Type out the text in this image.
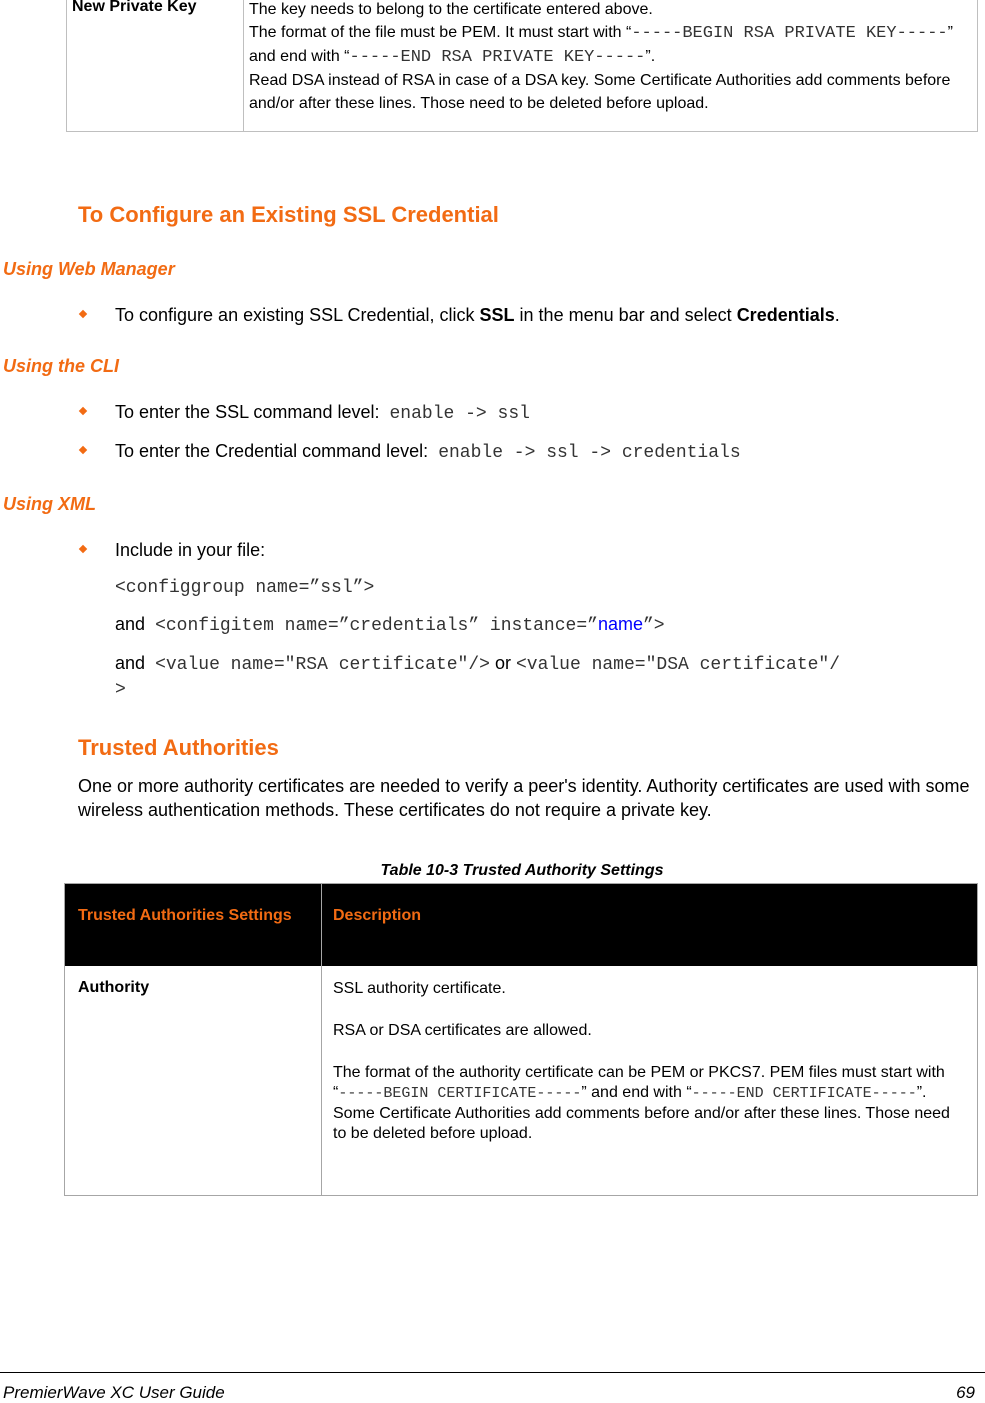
New Private Key	The key needs to belong to the certificate entered above.

The format of the file must be PEM. It must start with “-----BEGIN RSA PRIVATE KEY-----” and end with “-----END RSA PRIVATE KEY-----”.

Read DSA instead of RSA in case of a DSA key. Some Certificate Authorities add comments before and/or after these lines. Those need to be deleted before upload.

To Configure an Existing SSL Credential
Using Web Manager
To configure an existing SSL Credential, click SSL in the menu bar and select Credentials.
Using the CLI
To enter the SSL command level: enable -> ssl
To enter the Credential command level: enable -> ssl -> credentials
Using XML
Include in your file:
<configgroup name=”ssl”>
and <configitem name=”credentials” instance=”name”>
and <value name="RSA certificate"/> or <value name="DSA certificate"/
>
Trusted Authorities
One or more authority certificates are needed to verify a peer's identity. Authority certificates are used with some wireless authentication methods. These certificates do not require a private key.
Table 10-3 Trusted Authority Settings
Trusted Authorities Settings	Description
Authority	SSL authority certificate.

RSA or DSA certificates are allowed.

The format of the authority certificate can be PEM or PKCS7. PEM files must start with “-----BEGIN CERTIFICATE-----” and end with “-----END CERTIFICATE-----”. Some Certificate Authorities add comments before and/or after these lines. Those need to be deleted before upload.

PremierWave XC User Guide	69
